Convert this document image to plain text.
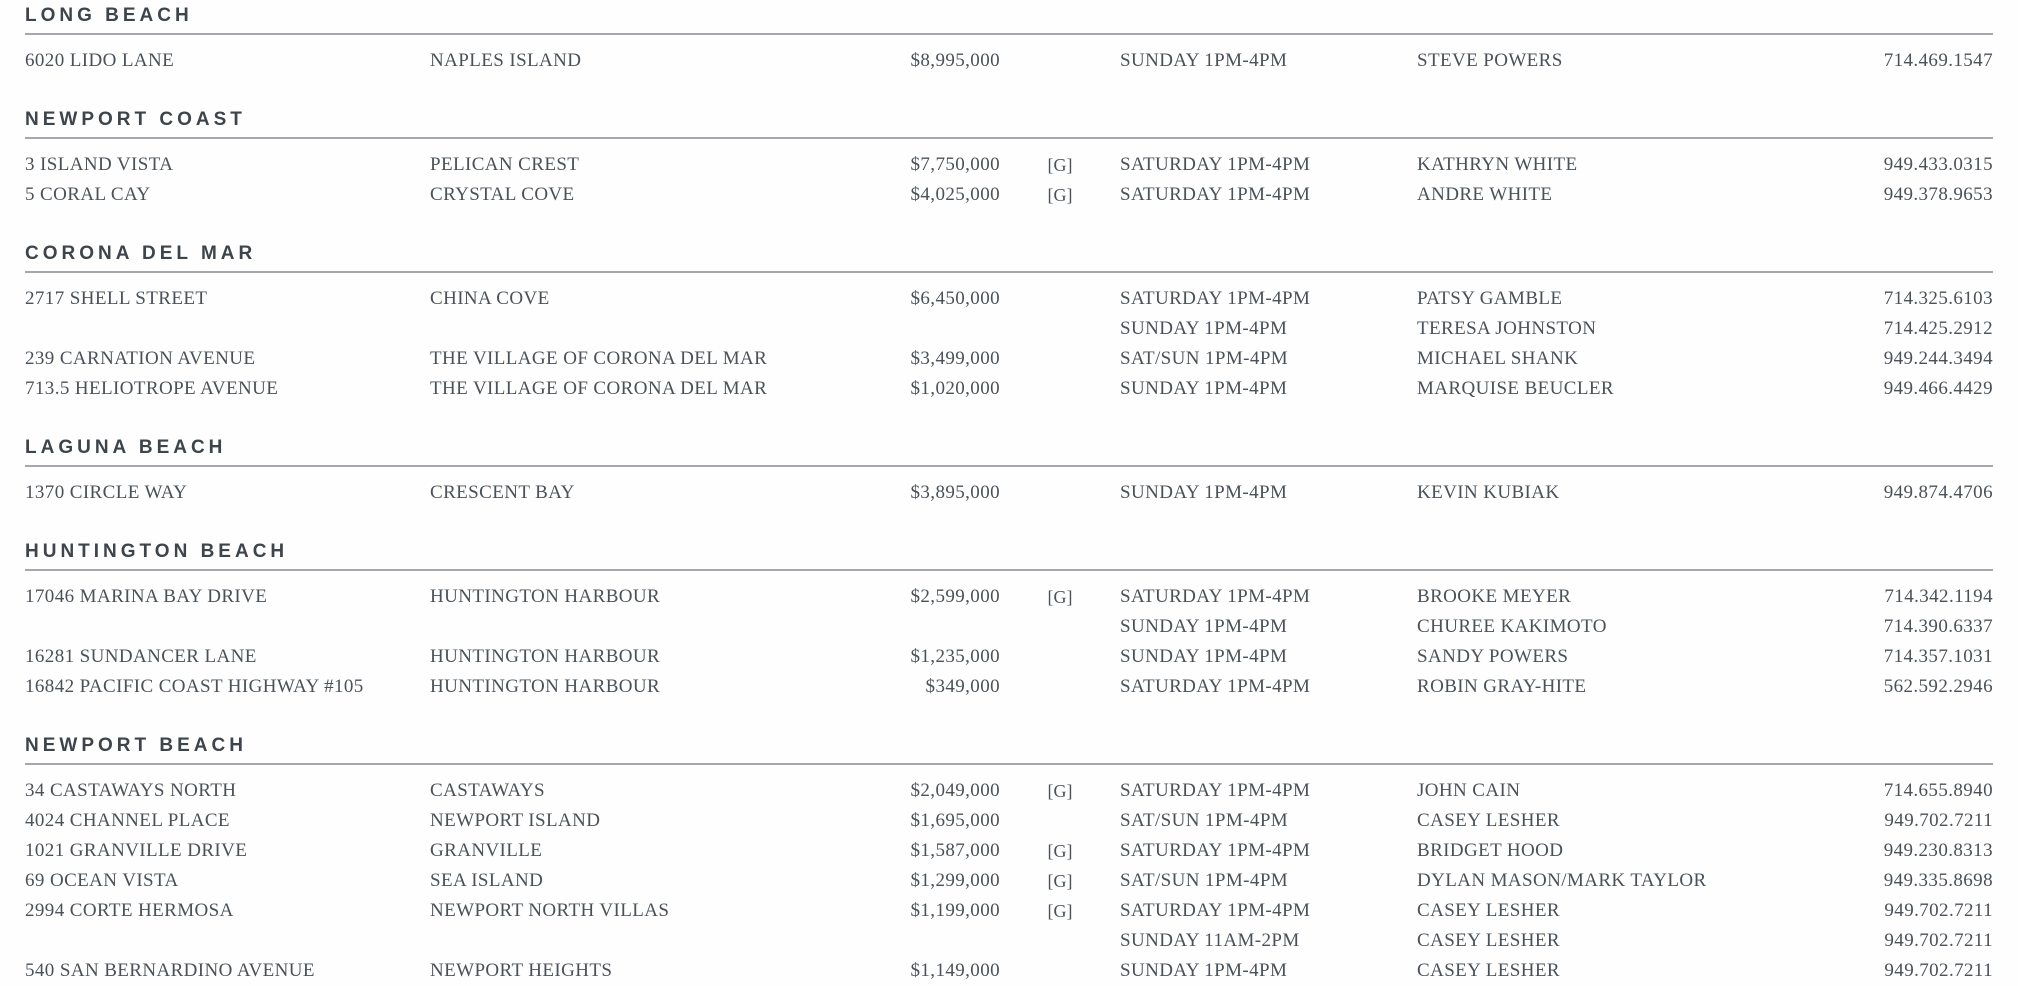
LONG BEACH
6020 LIDO LANE	NAPLES ISLAND	$8,995,000	SUNDAY 1PM-4PM	STEVE POWERS	714.469.1547
NEWPORT COAST
3 ISLAND VISTA	PELICAN CREST	$7,750,000	[G]	SATURDAY 1PM-4PM	KATHRYN WHITE	949.433.0315
5 CORAL CAY	CRYSTAL COVE	$4,025,000	[G]	SATURDAY 1PM-4PM	ANDRE WHITE	949.378.9653
CORONA DEL MAR
2717 SHELL STREET	CHINA COVE	$6,450,000	SATURDAY 1PM-4PM	PATSY GAMBLE	714.325.6103
SUNDAY 1PM-4PM	TERESA JOHNSTON	714.425.2912
239 CARNATION AVENUE	THE VILLAGE OF CORONA DEL MAR	$3,499,000	SAT/SUN 1PM-4PM	MICHAEL SHANK	949.244.3494
713.5 HELIOTROPE AVENUE	THE VILLAGE OF CORONA DEL MAR	$1,020,000	SUNDAY 1PM-4PM	MARQUISE BEUCLER	949.466.4429
LAGUNA BEACH
1370 CIRCLE WAY	CRESCENT BAY	$3,895,000	SUNDAY 1PM-4PM	KEVIN KUBIAK	949.874.4706
HUNTINGTON BEACH
17046 MARINA BAY DRIVE	HUNTINGTON HARBOUR	$2,599,000	[G]	SATURDAY 1PM-4PM	BROOKE MEYER	714.342.1194
SUNDAY 1PM-4PM	CHUREE KAKIMOTO	714.390.6337
16281 SUNDANCER LANE	HUNTINGTON HARBOUR	$1,235,000	SUNDAY 1PM-4PM	SANDY POWERS	714.357.1031
16842 PACIFIC COAST HIGHWAY #105	HUNTINGTON HARBOUR	$349,000	SATURDAY 1PM-4PM	ROBIN GRAY-HITE	562.592.2946
NEWPORT BEACH
34 CASTAWAYS NORTH	CASTAWAYS	$2,049,000	[G]	SATURDAY 1PM-4PM	JOHN CAIN	714.655.8940
4024 CHANNEL PLACE	NEWPORT ISLAND	$1,695,000	SAT/SUN 1PM-4PM	CASEY LESHER	949.702.7211
1021 GRANVILLE DRIVE	GRANVILLE	$1,587,000	[G]	SATURDAY 1PM-4PM	BRIDGET HOOD	949.230.8313
69 OCEAN VISTA	SEA ISLAND	$1,299,000	[G]	SAT/SUN 1PM-4PM	DYLAN MASON/MARK TAYLOR	949.335.8698
2994 CORTE HERMOSA	NEWPORT NORTH VILLAS	$1,199,000	[G]	SATURDAY 1PM-4PM	CASEY LESHER	949.702.7211
SUNDAY 11AM-2PM	CASEY LESHER	949.702.7211
540 SAN BERNARDINO AVENUE	NEWPORT HEIGHTS	$1,149,000	SUNDAY 1PM-4PM	CASEY LESHER	949.702.7211
